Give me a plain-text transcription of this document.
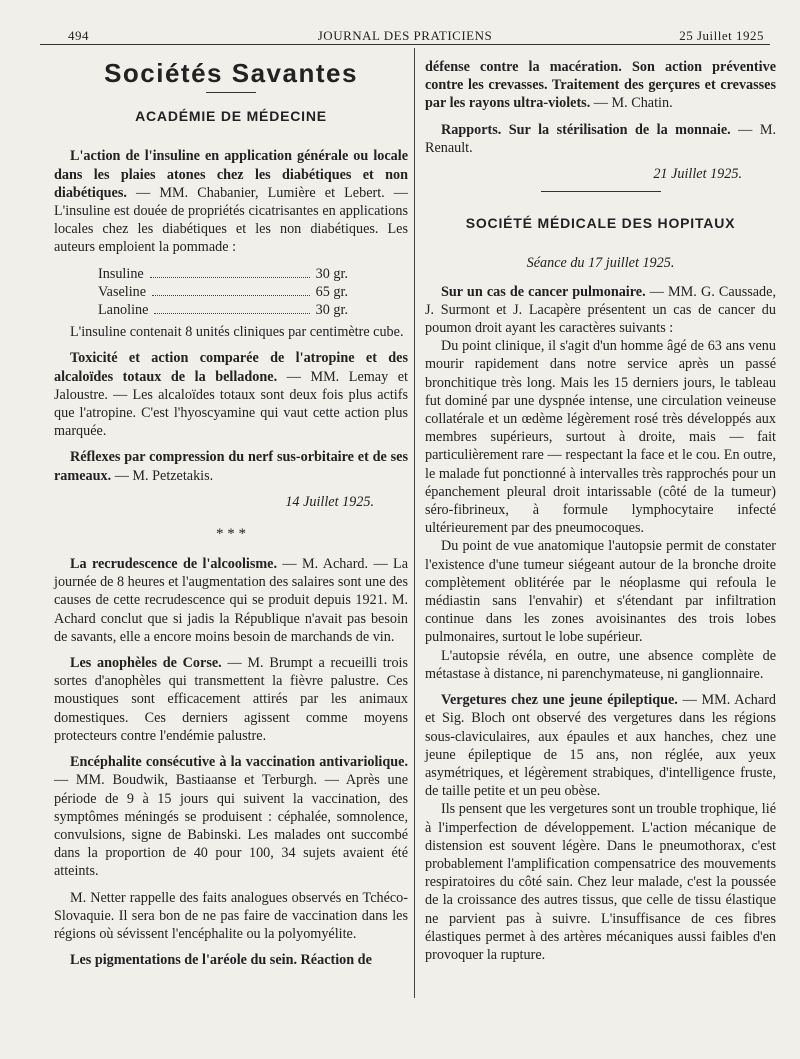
494	JOURNAL DES PRATICIENS	25 Juillet 1925
Sociétés Savantes
ACADÉMIE DE MÉDECINE

L'action de l'insuline en application générale ou locale dans les plaies atones chez les diabétiques et non diabétiques. — MM. Chabanier, Lumière et Lebert. — L'insuline est douée de propriétés cicatrisantes en applications locales chez les diabétiques et les non diabétiques. Les auteurs emploient la pommade :

Insuline	30 gr.
Vaseline	65 gr.
Lanoline	30 gr.

L'insuline contenait 8 unités cliniques par centimètre cube.

Toxicité et action comparée de l'atropine et des alcaloïdes totaux de la belladone. — MM. Lemay et Jaloustre. — Les alcaloïdes totaux sont deux fois plus actifs que l'atropine. C'est l'hyoscyamine qui vaut cette action plus marquée.

Réflexes par compression du nerf sus-orbitaire et de ses rameaux. — M. Petzetakis.

14 Juillet 1925.

* * *

La recrudescence de l'alcoolisme. — M. Achard. — La journée de 8 heures et l'augmentation des salaires sont une des causes de cette recrudescence qui se produit depuis 1921. M. Achard conclut que si jadis la République n'avait pas besoin de savants, elle a encore moins besoin de marchands de vin.

Les anophèles de Corse. — M. Brumpt a recueilli trois sortes d'anophèles qui transmettent la fièvre palustre. Ces moustiques sont efficacement attirés par les animaux domestiques. Ces derniers agissent comme moyens protecteurs contre l'endémie palustre.

Encéphalite consécutive à la vaccination antivariolique. — MM. Boudwik, Bastiaanse et Terburgh. — Après une période de 9 à 15 jours qui suivent la vaccination, des symptômes méningés se produisent : céphalée, somnolence, convulsions, signe de Babinski. Les malades ont succombé dans la proportion de 40 pour 100, 34 sujets avaient été atteints.

M. Netter rappelle des faits analogues observés en Tchéco-Slovaquie. Il sera bon de ne pas faire de vaccination dans les régions où sévissent l'encéphalite ou la polyomyélite.

Les pigmentations de l'aréole du sein. Réaction de

défense contre la macération. Son action préventive contre les crevasses. Traitement des gerçures et crevasses par les rayons ultra-violets. — M. Chatin.

Rapports. Sur la stérilisation de la monnaie. — M. Renault.

21 Juillet 1925.

SOCIÉTÉ MÉDICALE DES HOPITAUX

Séance du 17 juillet 1925.

Sur un cas de cancer pulmonaire. — MM. G. Caussade, J. Surmont et J. Lacapère présentent un cas de cancer du poumon droit ayant les caractères suivants :

Du point clinique, il s'agit d'un homme âgé de 63 ans venu mourir rapidement dans notre service après un passé bronchitique très long. Mais les 15 derniers jours, le tableau fut dominé par une dyspnée intense, une circulation veineuse collatérale et un œdème légèrement rosé très développés aux membres supérieurs, surtout à droite, mais — fait particulièrement rare — respectant la face et le cou. En outre, le malade fut ponctionné à intervalles très rapprochés pour un épanchement pleural droit intarissable (côté de la tumeur) séro-fibrineux, à formule lymphocytaire infecté ultérieurement par des pneumocoques.

Du point de vue anatomique l'autopsie permit de constater l'existence d'une tumeur siégeant autour de la bronche droite complètement oblitérée par le néoplasme qui refoula le médiastin sans l'envahir) et s'étendant par infiltration continue dans les zones avoisinantes des trois lobes pulmonaires, surtout le lobe supérieur.

L'autopsie révéla, en outre, une absence complète de métastase à distance, ni parenchymateuse, ni ganglionnaire.

Vergetures chez une jeune épileptique. — MM. Achard et Sig. Bloch ont observé des vergetures dans les régions sous-claviculaires, aux épaules et aux hanches, chez une jeune épileptique de 15 ans, non réglée, aux yeux asymétriques, et légèrement strabiques, d'intelligence fruste, de taille petite et un peu obèse.

Ils pensent que les vergetures sont un trouble trophique, lié à l'imperfection de développement. L'action mécanique de distension est souvent légère. Dans le pneumothorax, c'est probablement l'amplification compensatrice des mouvements respiratoires du côté sain. Chez leur malade, c'est la poussée de la croissance des autres tissus, que celle de tissu élastique ne parvient pas à suivre. L'insuffisance de ces fibres élastiques permet à des artères mécaniques aussi faibles d'en provoquer la rupture.
